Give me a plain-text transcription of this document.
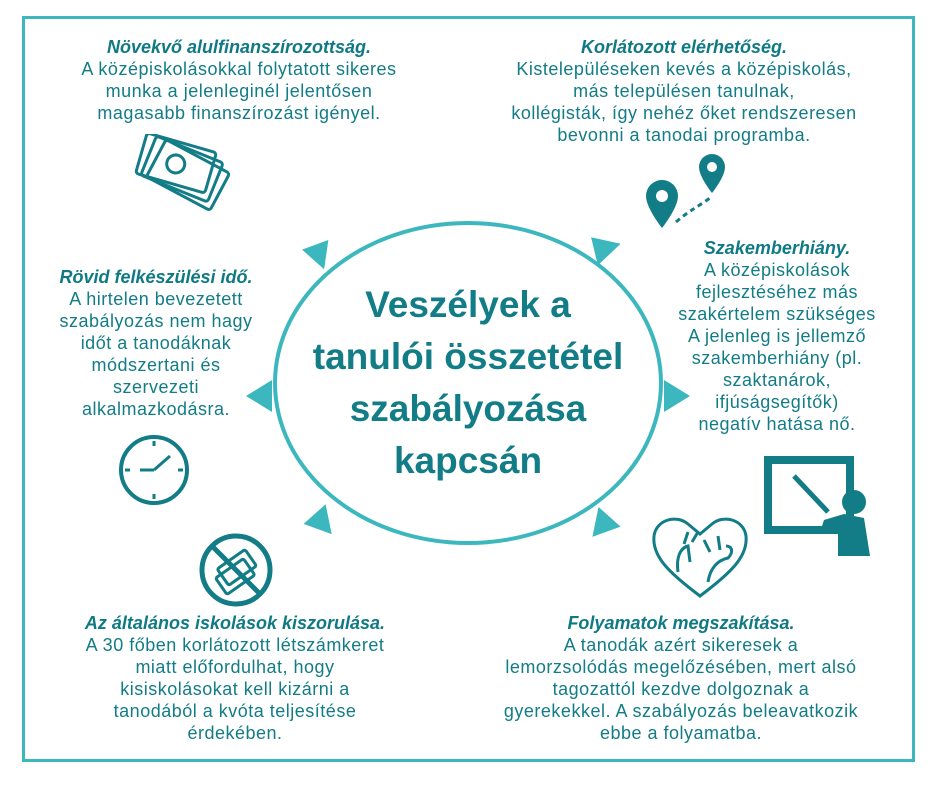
Növekvő alulfinanszírozottság.
A középiskolásokkal folytatott sikeres
munka a jelenleginél jelentősen
magasabb finanszírozást igényel.
Korlátozott elérhetőség.
Kistelepüléseken kevés a középiskolás,
más településen tanulnak,
kollégisták, így nehéz őket rendszeresen
bevonni a tanodai programba.
Rövid felkészülési idő.
A hirtelen bevezetett
szabályozás nem hagy
időt a tanodáknak
módszertani és
szervezeti
alkalmazkodásra.
Szakemberhiány.
A középiskolások
fejlesztéséhez más
szakértelem szükséges
A jelenleg is jellemző
szakemberhiány (pl.
szaktanárok,
ifjúságsegítők)
negatív hatása nő.
Az általános iskolások kiszorulása.
A 30 főben korlátozott létszámkeret
miatt előfordulhat, hogy
kisiskolásokat kell kizárni a
tanodából a kvóta teljesítése
érdekében.
Folyamatok megszakítása.
A tanodák azért sikeresek a
lemorzsolódás megelőzésében, mert alsó
tagozattól kezdve dolgoznak a
gyerekekkel. A szabályozás beleavatkozik
ebbe a folyamatba.
Veszélyek a
tanulói összetétel
szabályozása
kapcsán
